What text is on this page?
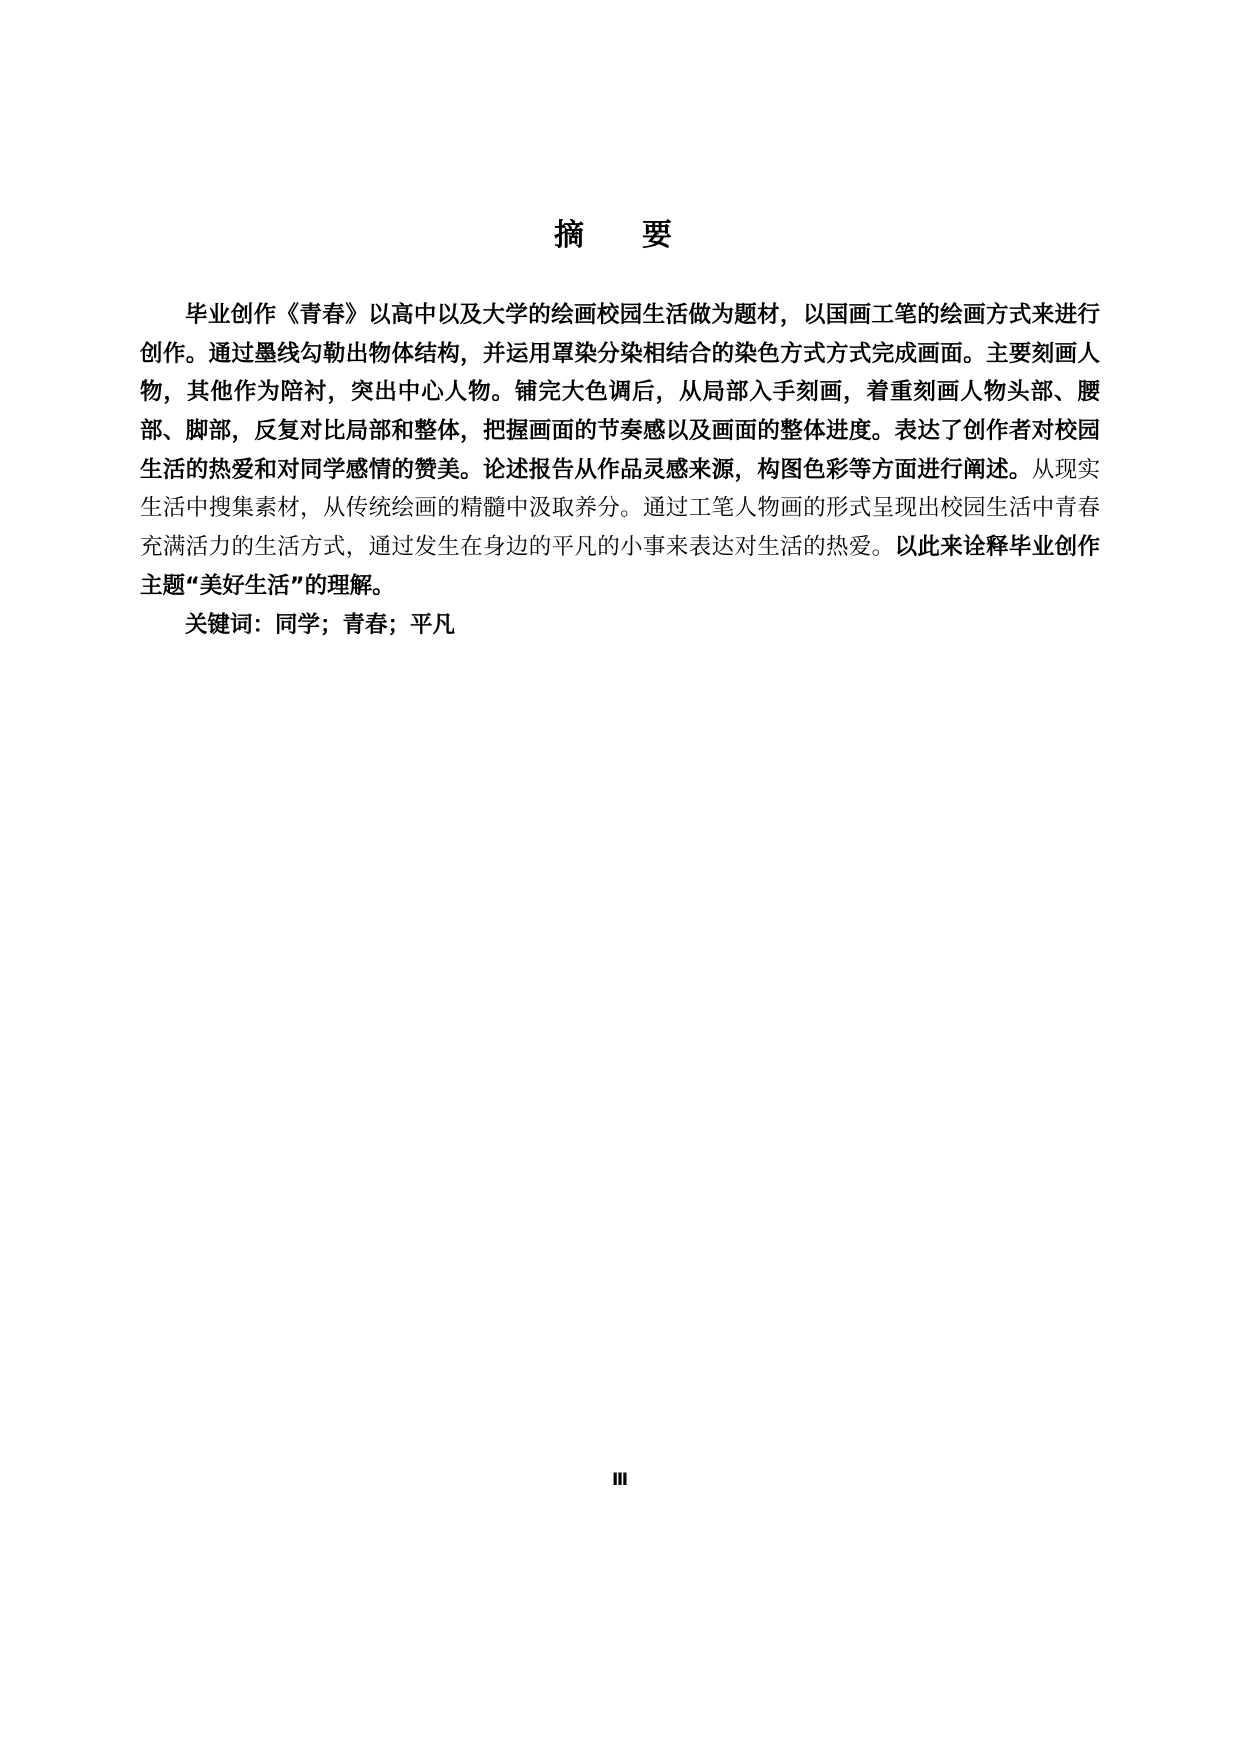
摘　要

毕业创作《青春》以高中以及大学的绘画校园生活做为题材，以国画工笔的绘画方式来进行创作。通过墨线勾勒出物体结构，并运用罩染分染相结合的染色方式方式完成画面。主要刻画人物，其他作为陪衬，突出中心人物。铺完大色调后，从局部入手刻画，着重刻画人物头部、腰部、脚部，反复对比局部和整体，把握画面的节奏感以及画面的整体进度。表达了创作者对校园生活的热爱和对同学感情的赞美。论述报告从作品灵感来源，构图色彩等方面进行阐述。从现实生活中搜集素材，从传统绘画的精髓中汲取养分。通过工笔人物画的形式呈现出校园生活中青春充满活力的生活方式，通过发生在身边的平凡的小事来表达对生活的热爱。以此来诠释毕业创作主题“美好生活”的理解。

关键词：同学；青春；平凡

Ⅲ
